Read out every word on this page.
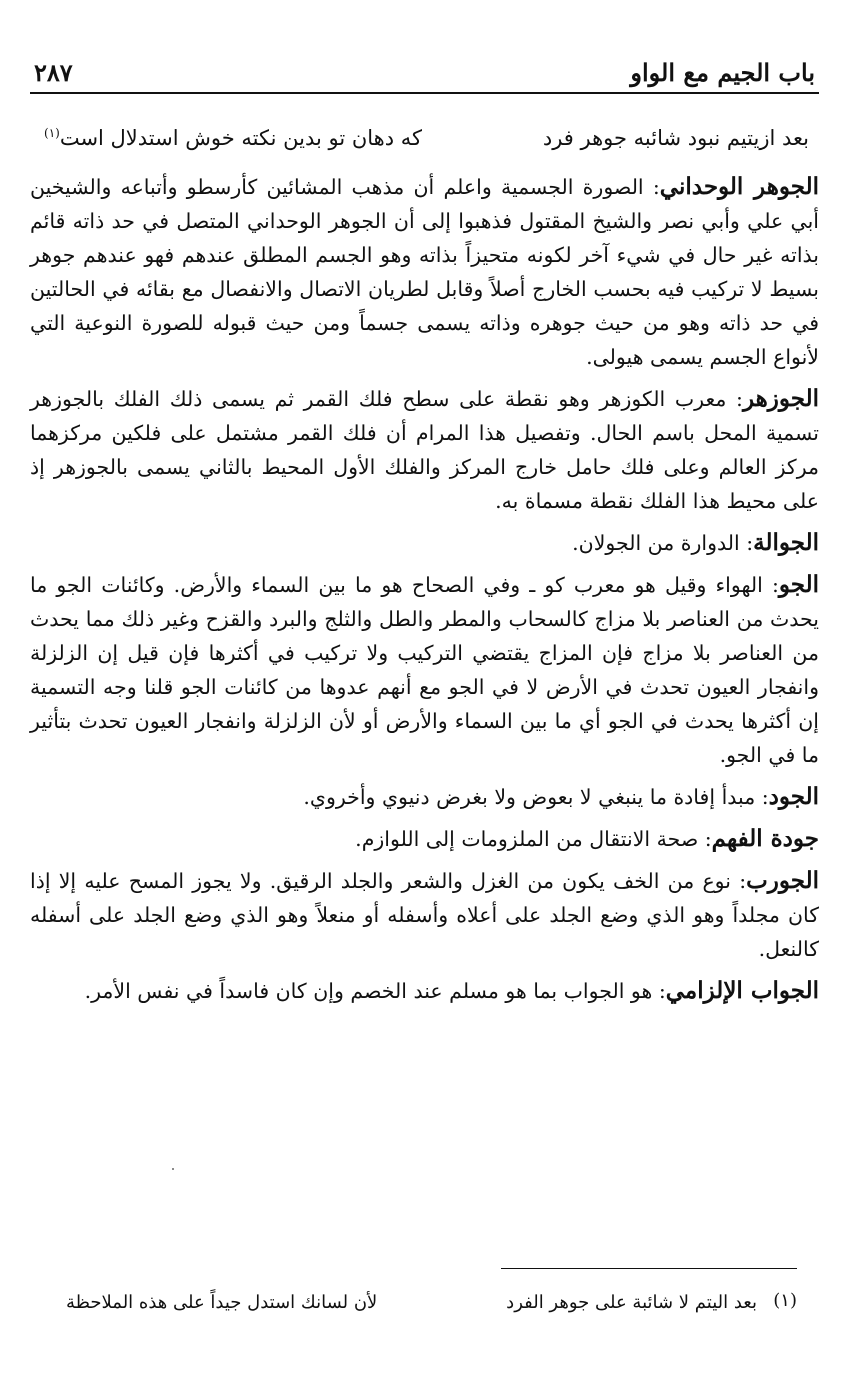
باب الجيم مع الواو
٢٨٧
بعد ازيتيم نبود شائبه جوهر فرد
كه دهان تو بدين نكته خوش استدلال است$^{(١)}$

الجوهر الوحداني: الصورة الجسمية واعلم أن مذهب المشائين كأرسطو وأتباعه والشيخين أبي علي وأبي نصر والشيخ المقتول فذهبوا إلى أن الجوهر الوحداني المتصل في حد ذاته قائم بذاته غير حال في شيء آخر لكونه متحيزاً بذاته وهو الجسم المطلق عندهم فهو عندهم جوهر بسيط لا تركيب فيه بحسب الخارج أصلاً وقابل لطريان الاتصال والانفصال مع بقائه في الحالتين في حد ذاته وهو من حيث جوهره وذاته يسمى جسماً ومن حيث قبوله للصورة النوعية التي لأنواع الجسم يسمى هيولى.

الجوزهر: معرب الكوزهر وهو نقطة على سطح فلك القمر ثم يسمى ذلك الفلك بالجوزهر تسمية المحل باسم الحال. وتفصيل هذا المرام أن فلك القمر مشتمل على فلكين مركزهما مركز العالم وعلى فلك حامل خارج المركز والفلك الأول المحيط بالثاني يسمى بالجوزهر إذ على محيط هذا الفلك نقطة مسماة به.

الجوالة: الدوارة من الجولان.

الجو: الهواء وقيل هو معرب كو ـ وفي الصحاح هو ما بين السماء والأرض. وكائنات الجو ما يحدث من العناصر بلا مزاج كالسحاب والمطر والطل والثلج والبرد والقزح وغير ذلك مما يحدث من العناصر بلا مزاج فإن المزاج يقتضي التركيب ولا تركيب في أكثرها فإن قيل إن الزلزلة وانفجار العيون تحدث في الأرض لا في الجو مع أنهم عدوها من كائنات الجو قلنا وجه التسمية إن أكثرها يحدث في الجو أي ما بين السماء والأرض أو لأن الزلزلة وانفجار العيون تحدث بتأثير ما في الجو.

الجود: مبدأ إفادة ما ينبغي لا بعوض ولا بغرض دنيوي وأخروي.

جودة الفهم: صحة الانتقال من الملزومات إلى اللوازم.

الجورب: نوع من الخف يكون من الغزل والشعر والجلد الرقيق. ولا يجوز المسح عليه إلا إذا كان مجلداً وهو الذي وضع الجلد على أعلاه وأسفله أو منعلاً وهو الذي وضع الجلد على أسفله كالنعل.

الجواب الإلزامي: هو الجواب بما هو مسلم عند الخصم وإن كان فاسداً في نفس الأمر.

(١)
بعد اليتم لا شائبة على جوهر الفرد
لأن لسانك استدل جيداً على هذه الملاحظة
